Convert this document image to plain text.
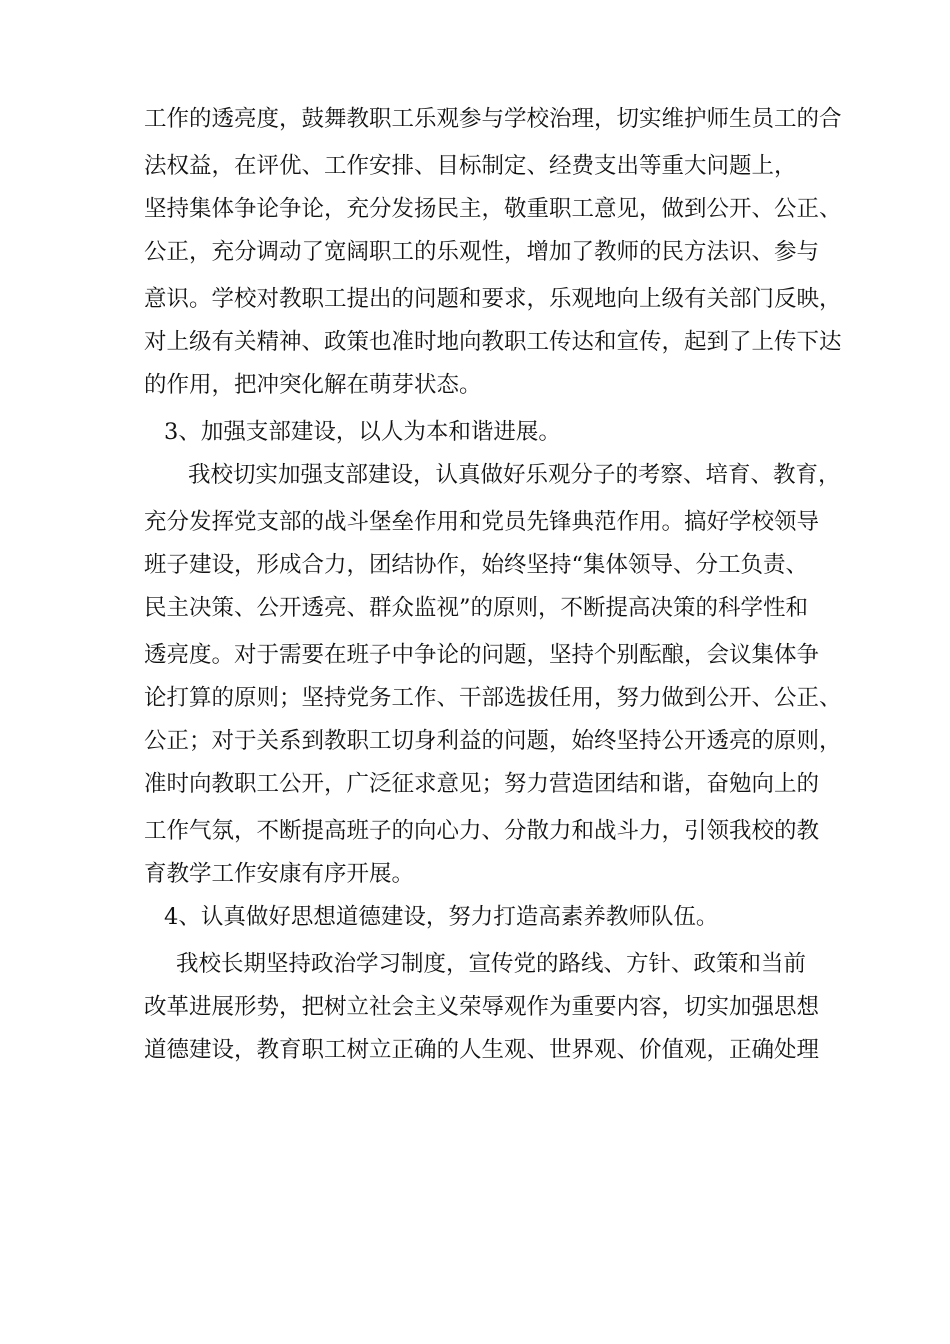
工作的透亮度，鼓舞教职工乐观参与学校治理，切实维护师生员工的合
法权益，在评优、工作安排、目标制定、经费支出等重大问题上，
坚持集体争论争论，充分发扬民主，敬重职工意见，做到公开、公正、
公正，充分调动了宽阔职工的乐观性，增加了教师的民方法识、参与
意识。学校对教职工提出的问题和要求，乐观地向上级有关部门反映，
对上级有关精神、政策也准时地向教职工传达和宣传，起到了上传下达
的作用，把冲突化解在萌芽状态。
3、加强支部建设，以人为本和谐进展。
我校切实加强支部建设，认真做好乐观分子的考察、培育、教育，
充分发挥党支部的战斗堡垒作用和党员先锋典范作用。搞好学校领导
班子建设，形成合力，团结协作，始终坚持“集体领导、分工负责、
民主决策、公开透亮、群众监视”的原则，不断提高决策的科学性和
透亮度。对于需要在班子中争论的问题，坚持个别酝酿，会议集体争
论打算的原则；坚持党务工作、干部选拔任用，努力做到公开、公正、
公正；对于关系到教职工切身利益的问题，始终坚持公开透亮的原则，
准时向教职工公开，广泛征求意见；努力营造团结和谐，奋勉向上的
工作气氛，不断提高班子的向心力、分散力和战斗力，引领我校的教
育教学工作安康有序开展。
4、认真做好思想道德建设，努力打造高素养教师队伍。
我校长期坚持政治学习制度，宣传党的路线、方针、政策和当前
改革进展形势，把树立社会主义荣辱观作为重要内容，切实加强思想
道德建设，教育职工树立正确的人生观、世界观、价值观，正确处理
